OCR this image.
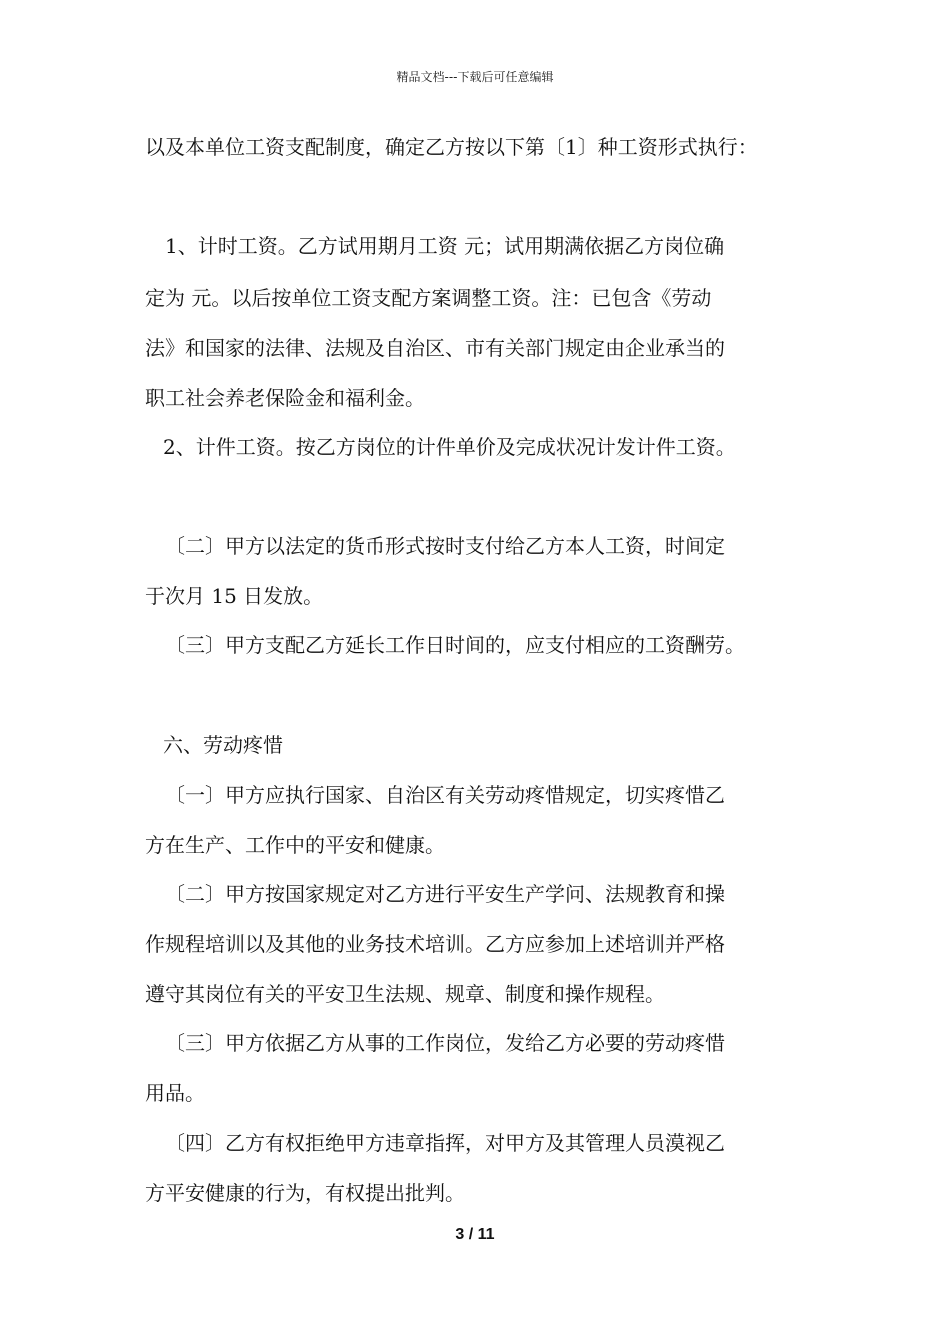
精品文档---下载后可任意编辑
以及本单位工资支配制度，确定乙方按以下第〔1〕种工资形式执行：
1、计时工资。乙方试用期月工资 元；试用期满依据乙方岗位确
定为 元。以后按单位工资支配方案调整工资。注：已包含《劳动
法》和国家的法律、法规及自治区、市有关部门规定由企业承当的
职工社会养老保险金和福利金。
2、计件工资。按乙方岗位的计件单价及完成状况计发计件工资。
〔二〕甲方以法定的货币形式按时支付给乙方本人工资，时间定
于次月 15 日发放。
〔三〕甲方支配乙方延长工作日时间的，应支付相应的工资酬劳。
六、劳动疼惜
〔一〕甲方应执行国家、自治区有关劳动疼惜规定，切实疼惜乙
方在生产、工作中的平安和健康。
〔二〕甲方按国家规定对乙方进行平安生产学问、法规教育和操
作规程培训以及其他的业务技术培训。乙方应参加上述培训并严格
遵守其岗位有关的平安卫生法规、规章、制度和操作规程。
〔三〕甲方依据乙方从事的工作岗位，发给乙方必要的劳动疼惜
用品。
〔四〕乙方有权拒绝甲方违章指挥，对甲方及其管理人员漠视乙
方平安健康的行为，有权提出批判。
3 / 11
